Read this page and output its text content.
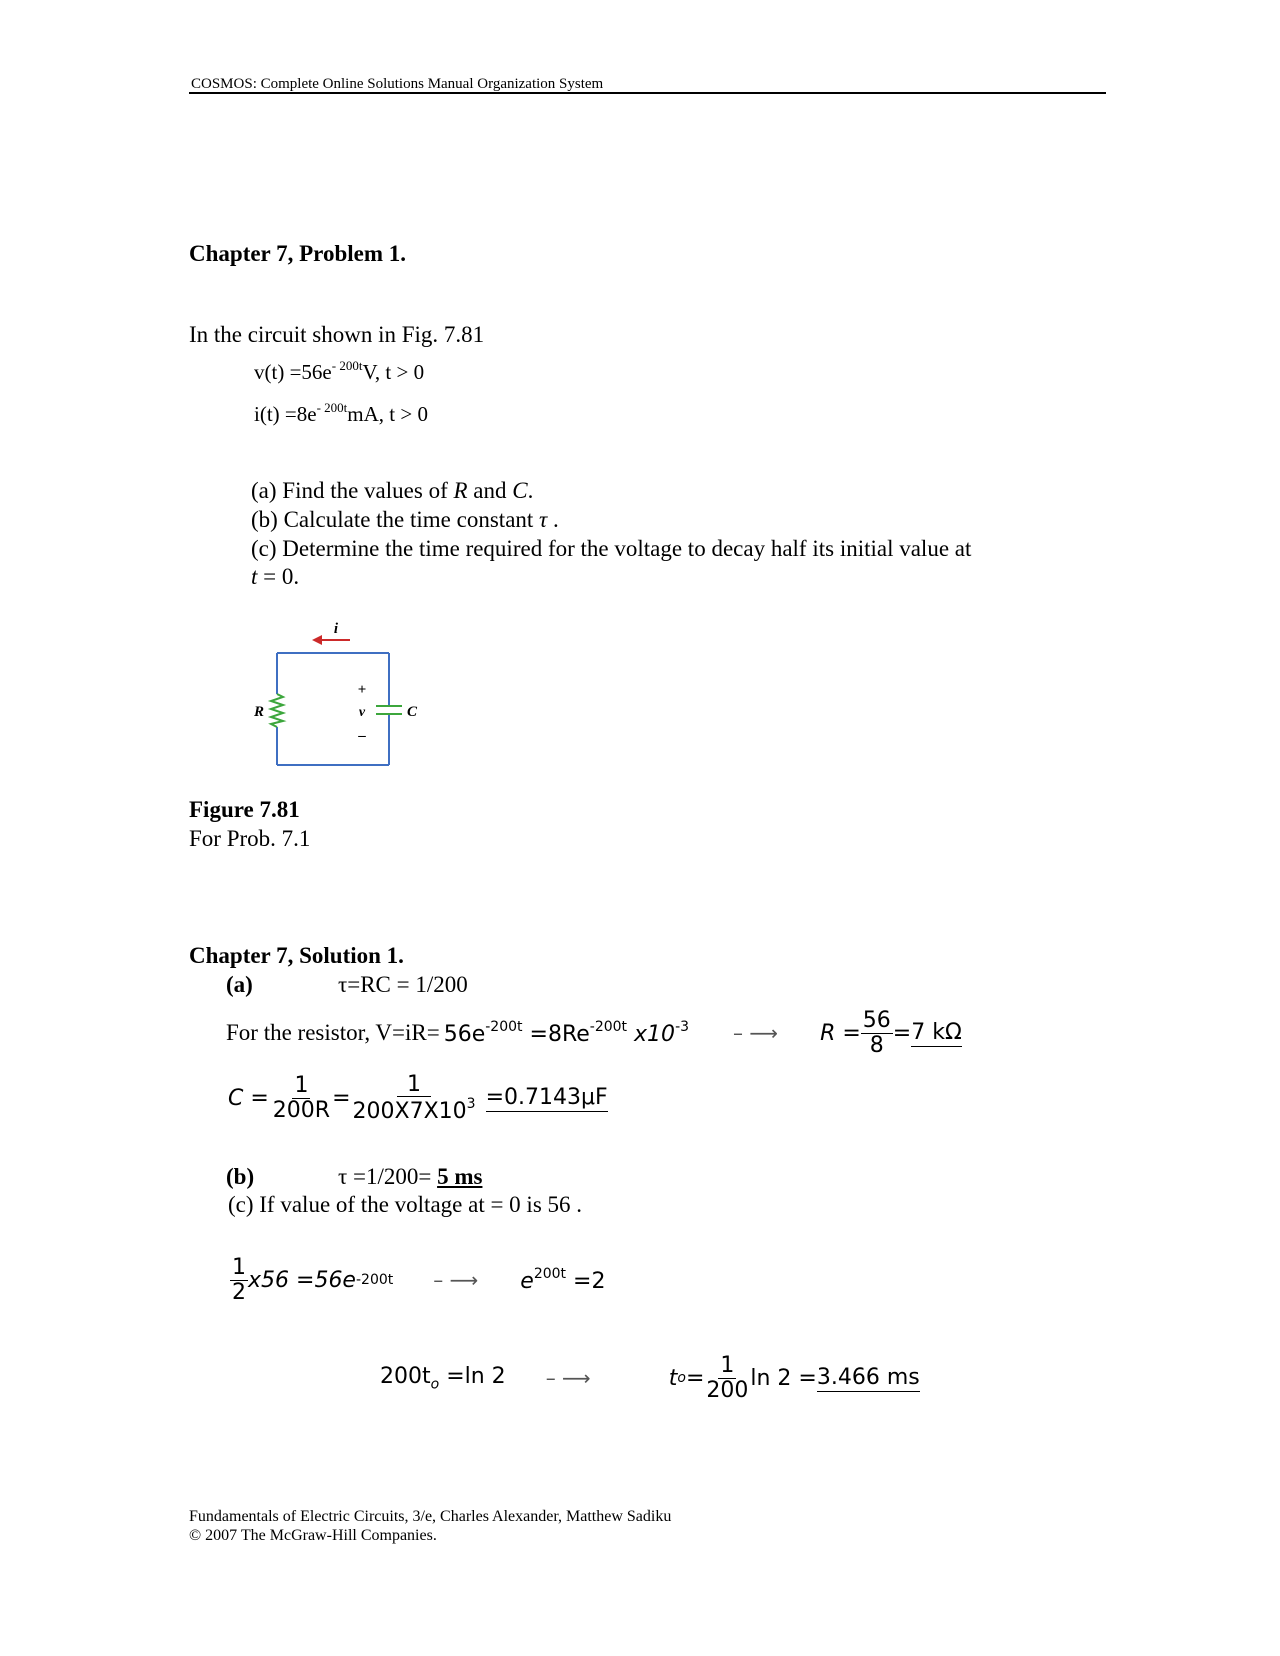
COSMOS: Complete Online Solutions Manual Organization System
Chapter 7, Problem 1.
In the circuit shown in Fig. 7.81
$v(t) =56e^{- 200t}V$, t > 0
$i(t) =8e^{- 200t}mA$, t > 0
(a) Find the values of R and C.
(b) Calculate the time constant τ .
(c) Determine the time required for the voltage to decay half its initial value at
t = 0.
i
R	C
+
v
–
Figure 7.81
For Prob. 7.1
Chapter 7, Solution 1.
(a)	τ=RC = 1/200
For the resistor, $V=iR= 56e^{-200t} =8Re^{-200t}$ $x10^{-3}$ – ⟶ $R = \frac{56}{8} = 7$ kΩ
$C = \frac{1}{200R} = \frac{1}{200X7X10^3} =0.7143\mu F$
(b)	τ =1/200= 5 ms
(c) If value of the voltage at = 0 is 56 .
$\frac{1}{2} x56 =56e$ -200t – ⟶ $e^{200t} =2$
$200t_o =\ln$ 2 – ⟶	t $o = \frac{1}{200}$ ln 2 = 3.466 ms
Fundamentals of Electric Circuits, 3/e, Charles Alexander, Matthew Sadiku
© 2007 The McGraw-Hill Companies.
